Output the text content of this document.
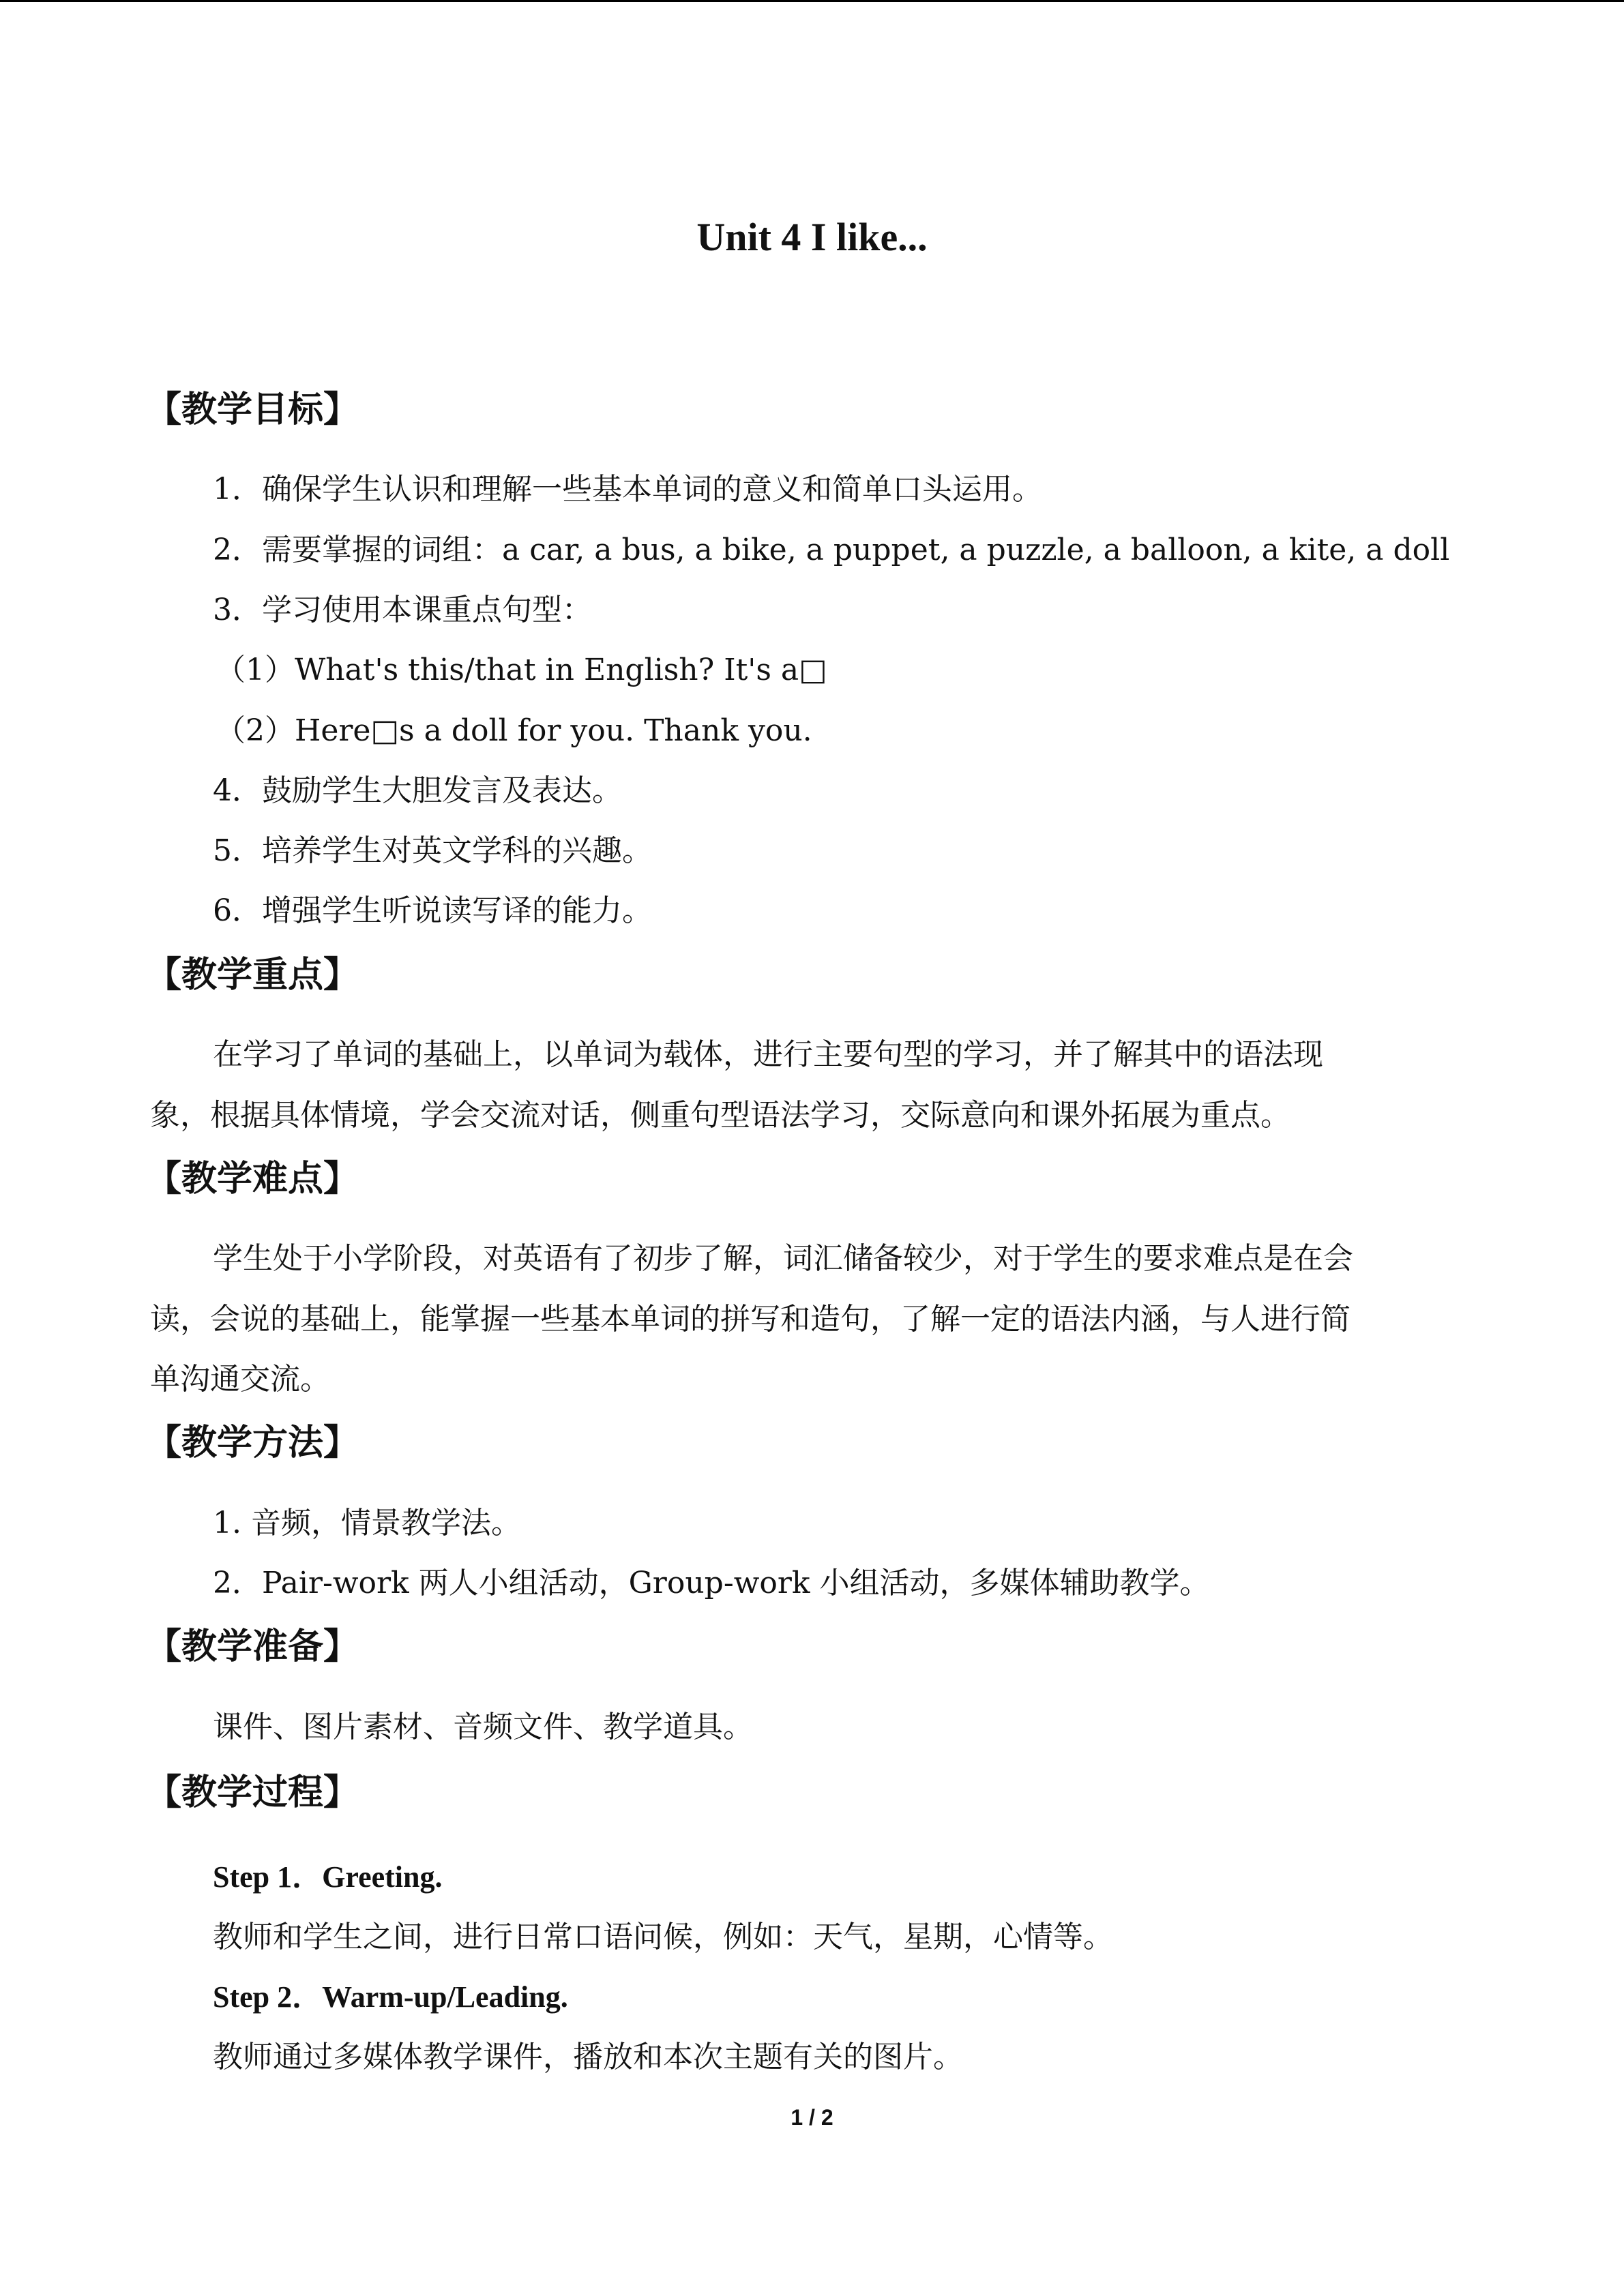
Unit 4 I like...
【教学目标】
1．确保学生认识和理解一些基本单词的意义和简单口头运用。
2．需要掌握的词组：a car, a bus, a bike, a puppet, a puzzle, a balloon, a kite, a doll
3．学习使用本课重点句型：
（1）What's this/that in English? It's a□
（2）Here□s a doll for you. Thank you.
4．鼓励学生大胆发言及表达。
5．培养学生对英文学科的兴趣。
6．增强学生听说读写译的能力。
【教学重点】
在学习了单词的基础上，以单词为载体，进行主要句型的学习，并了解其中的语法现
象，根据具体情境，学会交流对话，侧重句型语法学习，交际意向和课外拓展为重点。
【教学难点】
学生处于小学阶段，对英语有了初步了解，词汇储备较少，对于学生的要求难点是在会
读，会说的基础上，能掌握一些基本单词的拼写和造句，了解一定的语法内涵，与人进行简
单沟通交流。
【教学方法】
1. 音频，情景教学法。
2．Pair-work 两人小组活动，Group-work 小组活动，多媒体辅助教学。
【教学准备】
课件、图片素材、音频文件、教学道具。
【教学过程】
Step 1．Greeting.
教师和学生之间，进行日常口语问候，例如：天气，星期，心情等。
Step 2．Warm-up/Leading.
教师通过多媒体教学课件，播放和本次主题有关的图片。
1 / 2
